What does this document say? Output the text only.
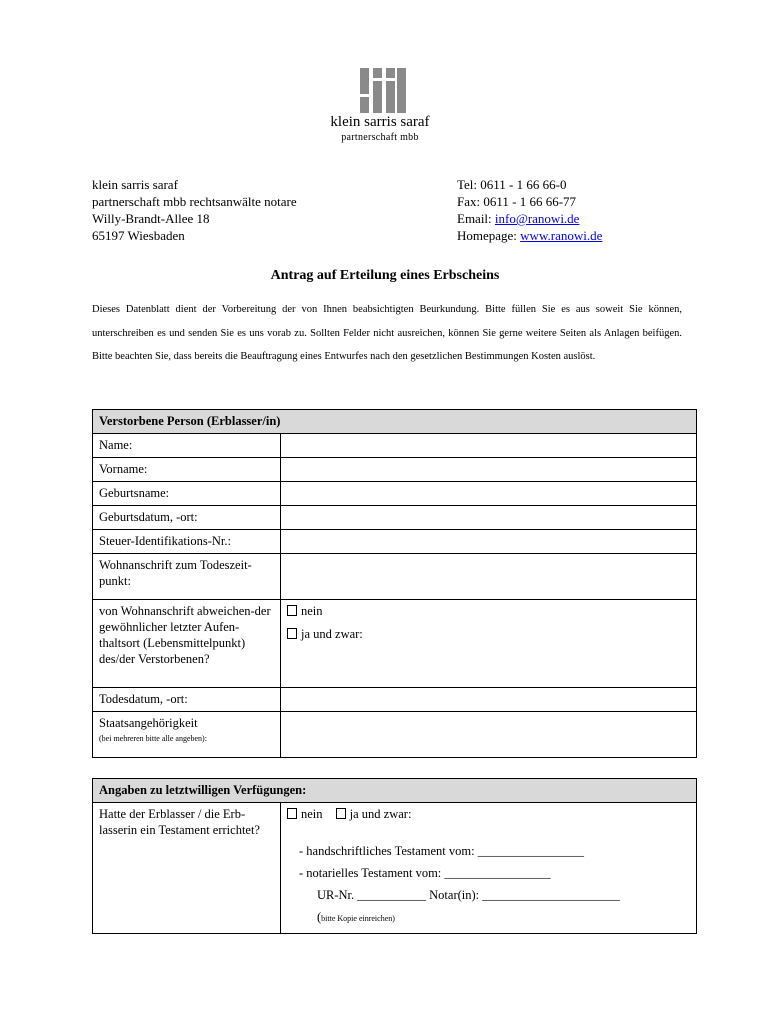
klein sarris saraf
partnerschaft mbb
klein sarris saraf
partnerschaft mbb rechtsanwälte notare
Willy-Brandt-Allee 18
65197 Wiesbaden
Tel: 0611 - 1 66 66-0
Fax: 0611 - 1 66 66-77
Email: info@ranowi.de
Homepage: www.ranowi.de
Antrag auf Erteilung eines Erbscheins
Dieses Datenblatt dient der Vorbereitung der von Ihnen beabsichtigten Beurkundung. Bitte füllen Sie es aus soweit Sie können, unterschreiben es und senden Sie es uns vorab zu. Sollten Felder nicht ausreichen, können Sie gerne weitere Seiten als Anlagen beifügen. Bitte beachten Sie, dass bereits die Beauftragung eines Entwurfes nach den gesetzlichen Bestimmungen Kosten auslöst.
Verstorbene Person (Erblasser/in)	
Name:	
Vorname:	
Geburtsname:	
Geburtsdatum, -ort:	
Steuer-Identifikations-Nr.:	
Wohnanschrift zum Todeszeit-punkt:	
von Wohnanschrift abweichen-der gewöhnlicher letzter Aufen-thaltsort (Lebensmittelpunkt) des/der Verstorbenen?	nein
ja und zwar:

Todesdatum, -ort:	

Staatsangehörigkeit
(bei mehreren bitte alle angeben):	

Angaben zu letztwilligen Verfügungen:
Hatte der Erblasser / die Erb-lasserin ein Testament errichtet?	
nein ja und zwar:
- handschriftliches Testament vom: _________________
- notarielles Testament vom: _________________
UR-Nr. ___________ Notar(in): ______________________
(bitte Kopie einreichen)
